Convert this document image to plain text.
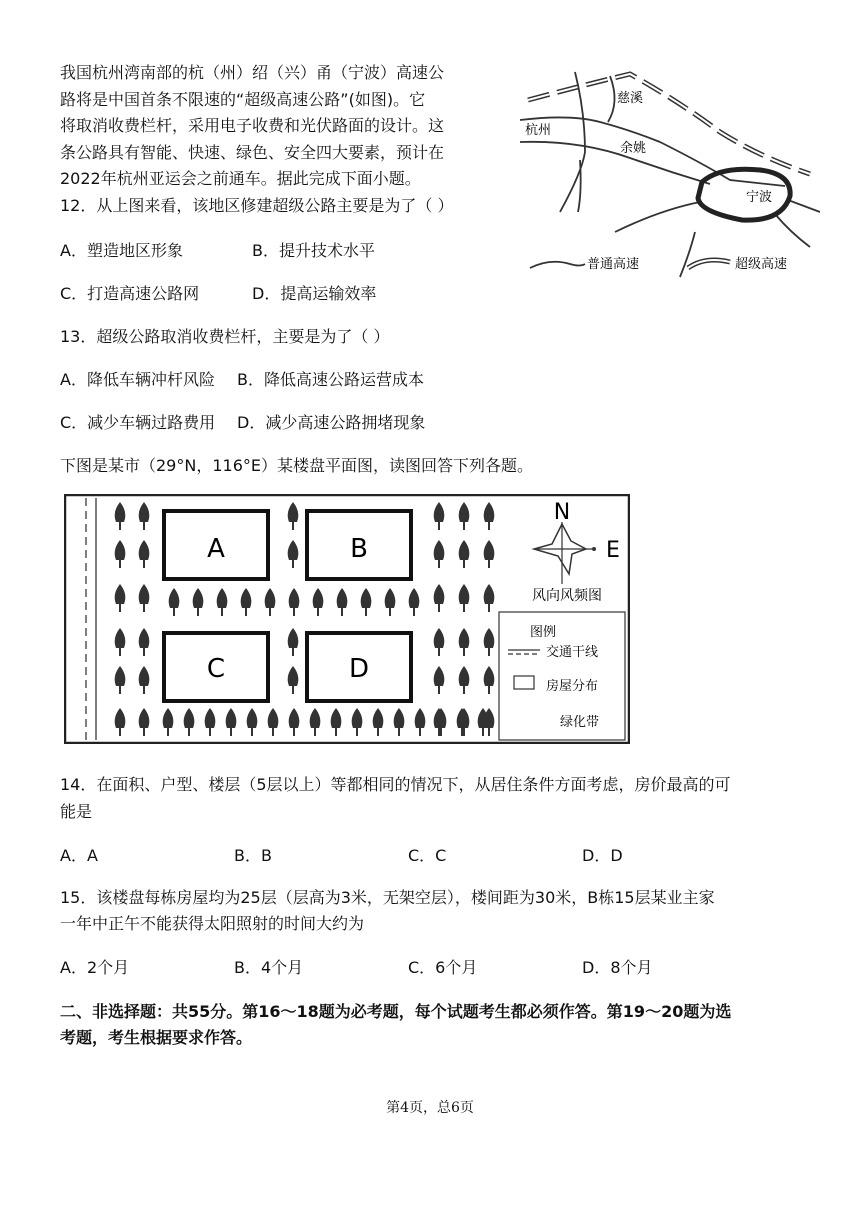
我国杭州湾南部的杭（州）绍（兴）甬（宁波）高速公
路将是中国首条不限速的“超级高速公路”(如图)。它
将取消收费栏杆，采用电子收费和光伏路面的设计。这
条公路具有智能、快速、绿色、安全四大要素，预计在
2022年杭州亚运会之前通车。据此完成下面小题。
慈溪
杭州
余姚
宁波
普通高速	超级高速
12．从上图来看，该地区修建超级公路主要是为了（ ）
A．塑造地区形象	B．提升技术水平
C．打造高速公路网	D．提高运输效率
13．超级公路取消收费栏杆，主要是为了（ ）
A．降低车辆冲杆风险 B．降低高速公路运营成本
C．减少车辆过路费用 D．减少高速公路拥堵现象
下图是某市（29°N，116°E）某楼盘平面图，读图回答下列各题。
A	B
C	D
N
E
风向风频图
图例
交通干线
房屋分布
绿化带
14．在面积、户型、楼层（5层以上）等都相同的情况下，从居住条件方面考虑，房价最高的可
能是
A．A	B．B	C．C	D．D
15．该楼盘每栋房屋均为25层（层高为3米，无架空层），楼间距为30米，B栋15层某业主家
一年中正午不能获得太阳照射的时间大约为
A．2个月	B．4个月	C．6个月	D．8个月
二、非选择题：共55分。第16～18题为必考题，每个试题考生都必须作答。第19～20题为选
考题，考生根据要求作答。
第4页，总6页
